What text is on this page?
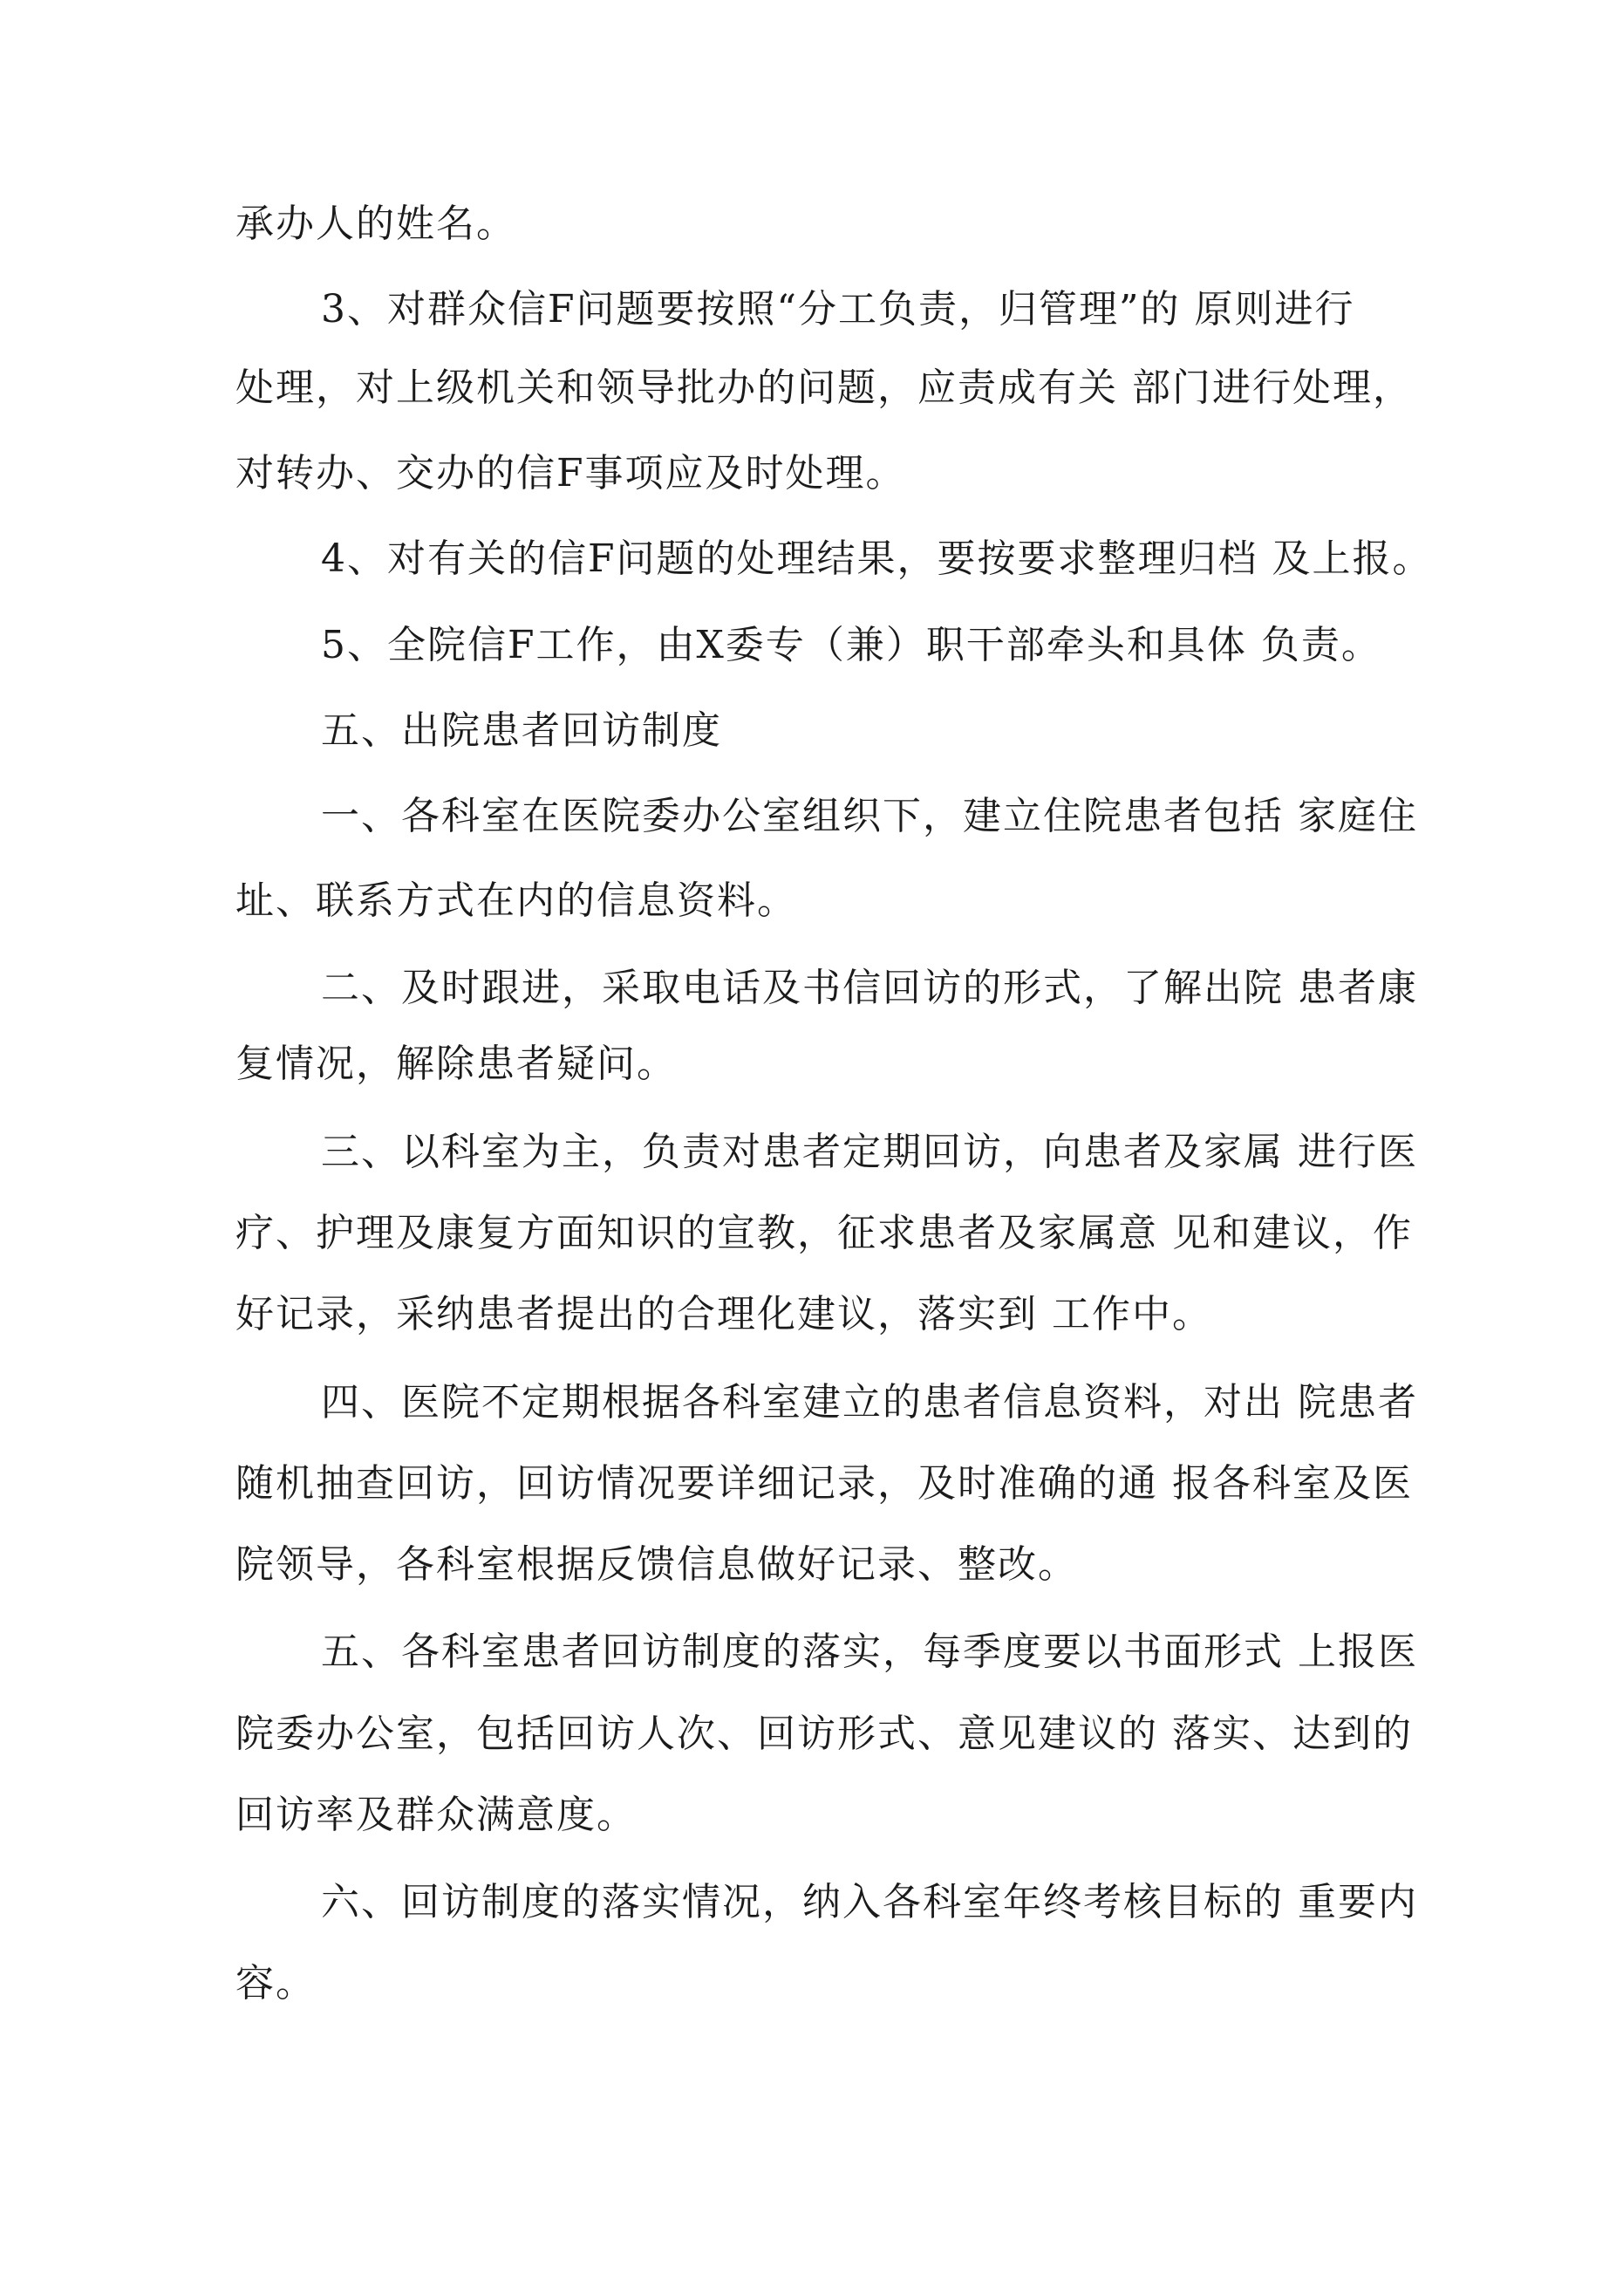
承办人的姓名。
3、对群众信F问题要按照“分工负责，归管理”的 原则进行
处理，对上级机关和领导批办的问题，应责成有关 部门进行处理，
对转办、交办的信F事项应及时处理。
4、对有关的信F问题的处理结果，要按要求整理归档 及上报。
5、全院信F工作，由X委专（兼）职干部牵头和具体 负责。
五、出院患者回访制度
一、各科室在医院委办公室组织下，建立住院患者包括 家庭住
址、联系方式在内的信息资料。
二、及时跟进，采取电话及书信回访的形式，了解出院 患者康
复情况，解除患者疑问。
三、以科室为主，负责对患者定期回访，向患者及家属 进行医
疗、护理及康复方面知识的宣教，征求患者及家属意 见和建议，作
好记录，采纳患者提出的合理化建议，落实到 工作中。
四、医院不定期根据各科室建立的患者信息资料，对出 院患者
随机抽查回访，回访情况要详细记录，及时准确的通 报各科室及医
院领导，各科室根据反馈信息做好记录、整改。
五、各科室患者回访制度的落实，每季度要以书面形式 上报医
院委办公室，包括回访人次、回访形式、意见建议的 落实、达到的
回访率及群众满意度。
六、回访制度的落实情况，纳入各科室年终考核目标的 重要内
容。
